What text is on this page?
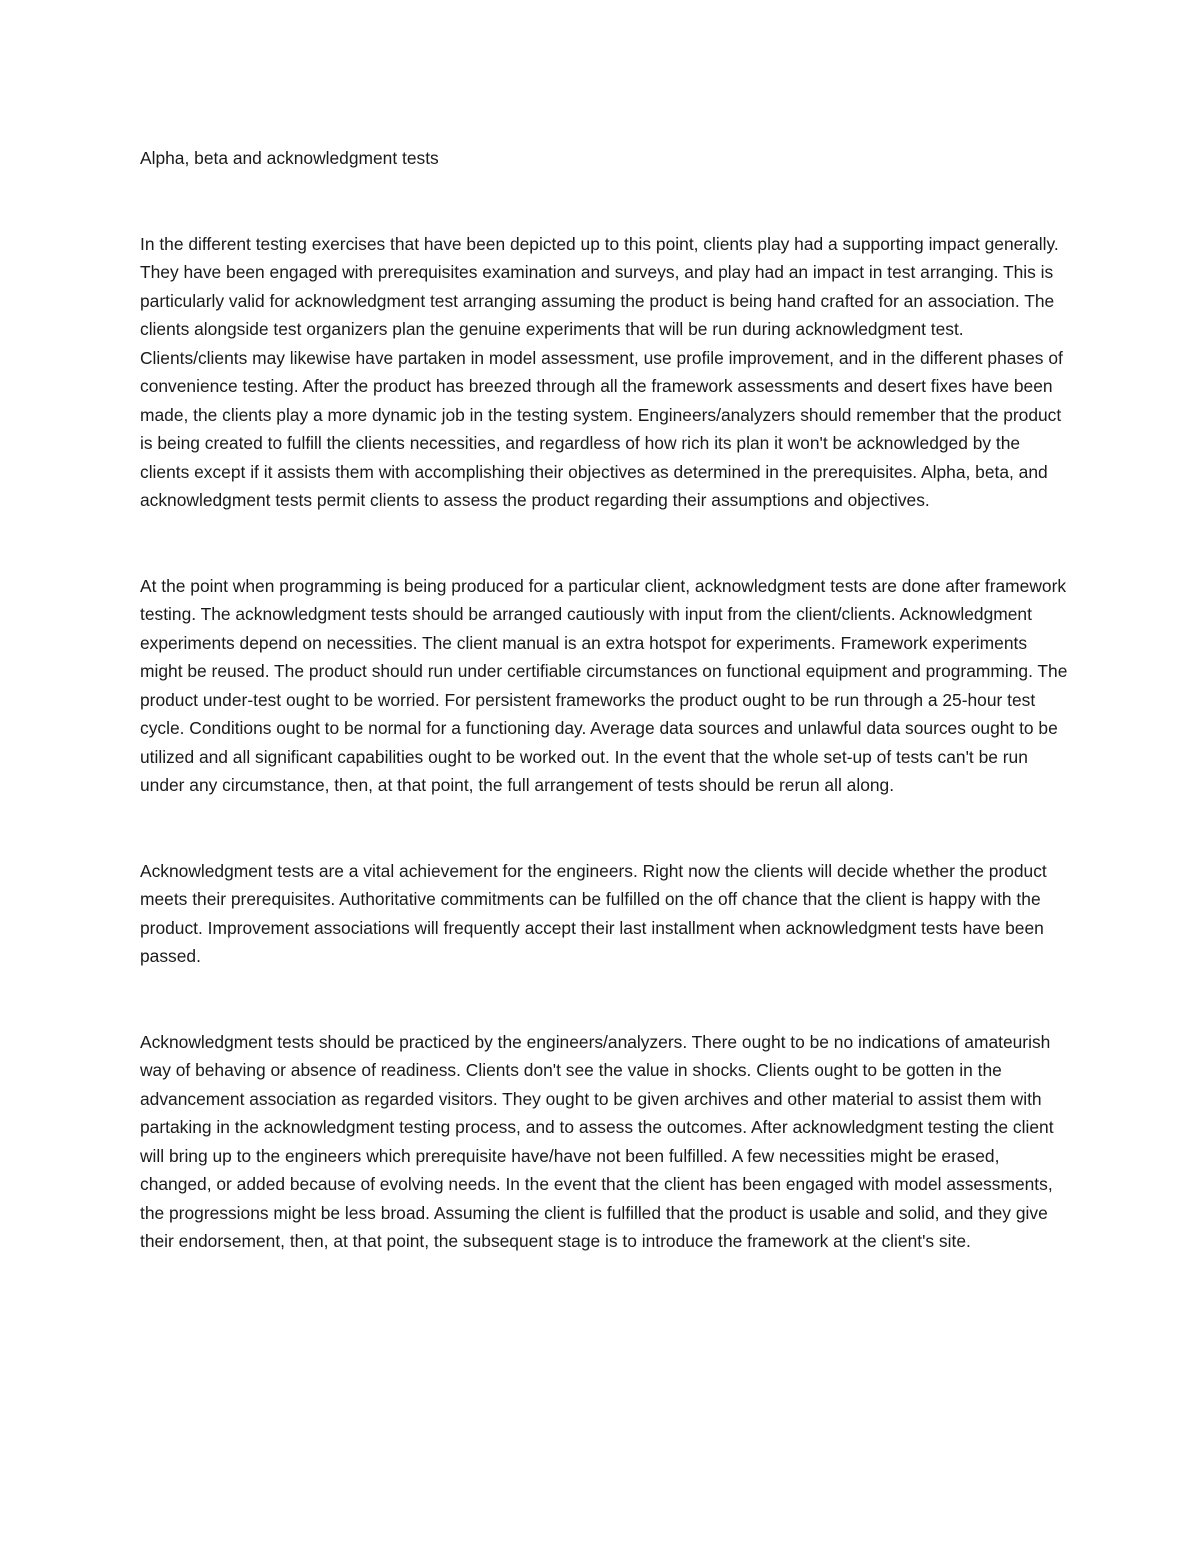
Alpha, beta and acknowledgment tests

In the different testing exercises that have been depicted up to this point, clients play had a supporting impact generally. They have been engaged with prerequisites examination and surveys, and play had an impact in test arranging. This is particularly valid for acknowledgment test arranging assuming the product is being hand crafted for an association. The clients alongside test organizers plan the genuine experiments that will be run during acknowledgment test. Clients/clients may likewise have partaken in model assessment, use profile improvement, and in the different phases of convenience testing. After the product has breezed through all the framework assessments and desert fixes have been made, the clients play a more dynamic job in the testing system. Engineers/analyzers should remember that the product is being created to fulfill the clients necessities, and regardless of how rich its plan it won't be acknowledged by the clients except if it assists them with accomplishing their objectives as determined in the prerequisites. Alpha, beta, and acknowledgment tests permit clients to assess the product regarding their assumptions and objectives.

At the point when programming is being produced for a particular client, acknowledgment tests are done after framework testing. The acknowledgment tests should be arranged cautiously with input from the client/clients. Acknowledgment experiments depend on necessities. The client manual is an extra hotspot for experiments. Framework experiments might be reused. The product should run under certifiable circumstances on functional equipment and programming. The product under-test ought to be worried. For persistent frameworks the product ought to be run through a 25-hour test cycle. Conditions ought to be normal for a functioning day. Average data sources and unlawful data sources ought to be utilized and all significant capabilities ought to be worked out. In the event that the whole set-up of tests can't be run under any circumstance, then, at that point, the full arrangement of tests should be rerun all along.

Acknowledgment tests are a vital achievement for the engineers. Right now the clients will decide whether the product meets their prerequisites. Authoritative commitments can be fulfilled on the off chance that the client is happy with the product. Improvement associations will frequently accept their last installment when acknowledgment tests have been passed.

Acknowledgment tests should be practiced by the engineers/analyzers. There ought to be no indications of amateurish way of behaving or absence of readiness. Clients don't see the value in shocks. Clients ought to be gotten in the advancement association as regarded visitors. They ought to be given archives and other material to assist them with partaking in the acknowledgment testing process, and to assess the outcomes. After acknowledgment testing the client will bring up to the engineers which prerequisite have/have not been fulfilled. A few necessities might be erased, changed, or added because of evolving needs. In the event that the client has been engaged with model assessments, the progressions might be less broad. Assuming the client is fulfilled that the product is usable and solid, and they give their endorsement, then, at that point, the subsequent stage is to introduce the framework at the client's site.
